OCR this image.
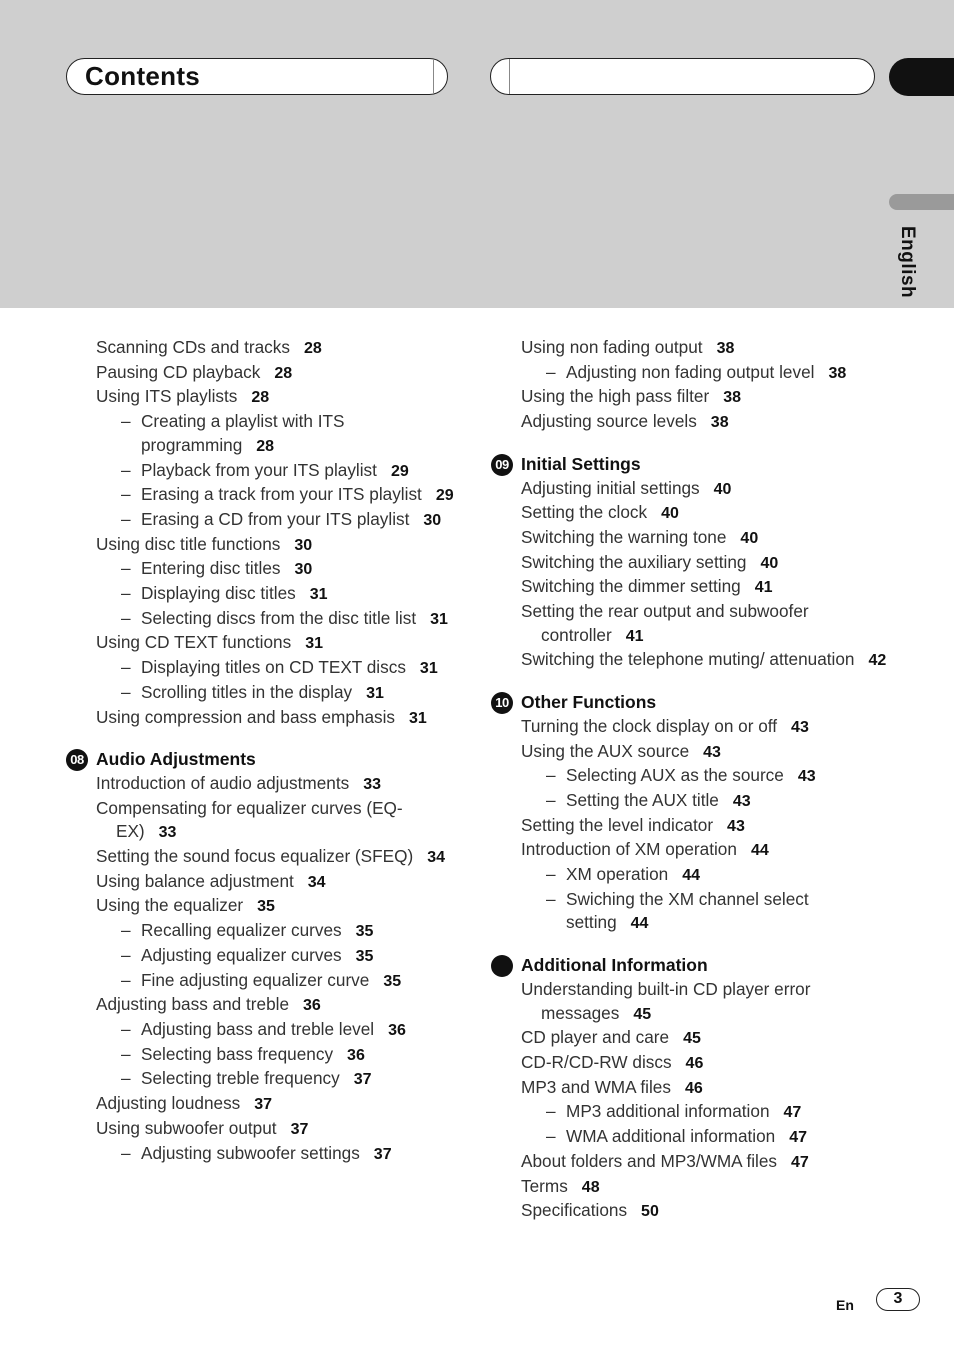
Contents
English
Scanning CDs and tracks 28
Pausing CD playback 28
Using ITS playlists 28
– Creating a playlist with ITS programming 28
– Playback from your ITS playlist 29
– Erasing a track from your ITS playlist 29
– Erasing a CD from your ITS playlist 30
Using disc title functions 30
– Entering disc titles 30
– Displaying disc titles 31
– Selecting discs from the disc title list 31
Using CD TEXT functions 31
– Displaying titles on CD TEXT discs 31
– Scrolling titles in the display 31
Using compression and bass emphasis 31
08 Audio Adjustments
Introduction of audio adjustments 33
Compensating for equalizer curves (EQ-EX) 33
Setting the sound focus equalizer (SFEQ) 34
Using balance adjustment 34
Using the equalizer 35
– Recalling equalizer curves 35
– Adjusting equalizer curves 35
– Fine adjusting equalizer curve 35
Adjusting bass and treble 36
– Adjusting bass and treble level 36
– Selecting bass frequency 36
– Selecting treble frequency 37
Adjusting loudness 37
Using subwoofer output 37
– Adjusting subwoofer settings 37
Using non fading output 38
– Adjusting non fading output level 38
Using the high pass filter 38
Adjusting source levels 38
09 Initial Settings
Adjusting initial settings 40
Setting the clock 40
Switching the warning tone 40
Switching the auxiliary setting 40
Switching the dimmer setting 41
Setting the rear output and subwoofer controller 41
Switching the telephone muting/ attenuation 42
10 Other Functions
Turning the clock display on or off 43
Using the AUX source 43
– Selecting AUX as the source 43
– Setting the AUX title 43
Setting the level indicator 43
Introduction of XM operation 44
– XM operation 44
– Swiching the XM channel select setting 44
Additional Information
Understanding built-in CD player error messages 45
CD player and care 45
CD-R/CD-RW discs 46
MP3 and WMA files 46
– MP3 additional information 47
– WMA additional information 47
About folders and MP3/WMA files 47
Terms 48
Specifications 50
En	3
